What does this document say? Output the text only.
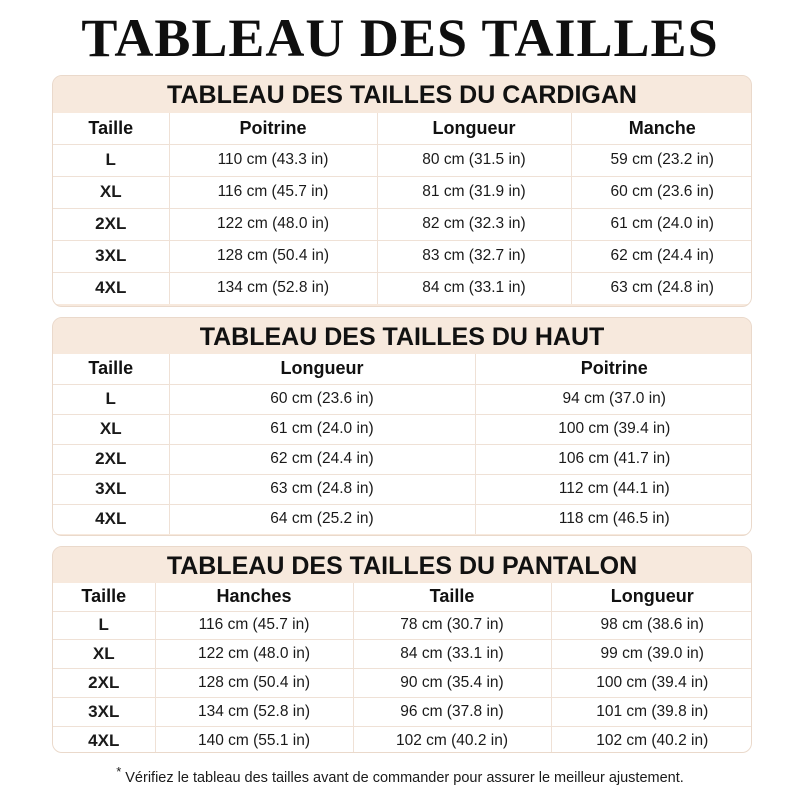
TABLEAU DES TAILLES
TABLEAU DES TAILLES DU CARDIGAN
Taille	Poitrine	Longueur	Manche
L	110 cm (43.3 in)	80 cm (31.5 in)	59 cm (23.2 in)
XL	116 cm (45.7 in)	81 cm (31.9 in)	60 cm (23.6 in)
2XL	122 cm (48.0 in)	82 cm (32.3 in)	61 cm (24.0 in)
3XL	128 cm (50.4 in)	83 cm (32.7 in)	62 cm (24.4 in)
4XL	134 cm (52.8 in)	84 cm (33.1 in)	63 cm (24.8 in)
TABLEAU DES TAILLES DU HAUT
Taille	Longueur	Poitrine
L	60 cm (23.6 in)	94 cm (37.0 in)
XL	61 cm (24.0 in)	100 cm (39.4 in)
2XL	62 cm (24.4 in)	106 cm (41.7 in)
3XL	63 cm (24.8 in)	112 cm (44.1 in)
4XL	64 cm (25.2 in)	118 cm (46.5 in)
TABLEAU DES TAILLES DU PANTALON
Taille	Hanches	Taille	Longueur
L	116 cm (45.7 in)	78 cm (30.7 in)	98 cm (38.6 in)
XL	122 cm (48.0 in)	84 cm (33.1 in)	99 cm (39.0 in)
2XL	128 cm (50.4 in)	90 cm (35.4 in)	100 cm (39.4 in)
3XL	134 cm (52.8 in)	96 cm (37.8 in)	101 cm (39.8 in)
4XL	140 cm (55.1 in)	102 cm (40.2 in)	102 cm (40.2 in)
* Vérifiez le tableau des tailles avant de commander pour assurer le meilleur ajustement.
